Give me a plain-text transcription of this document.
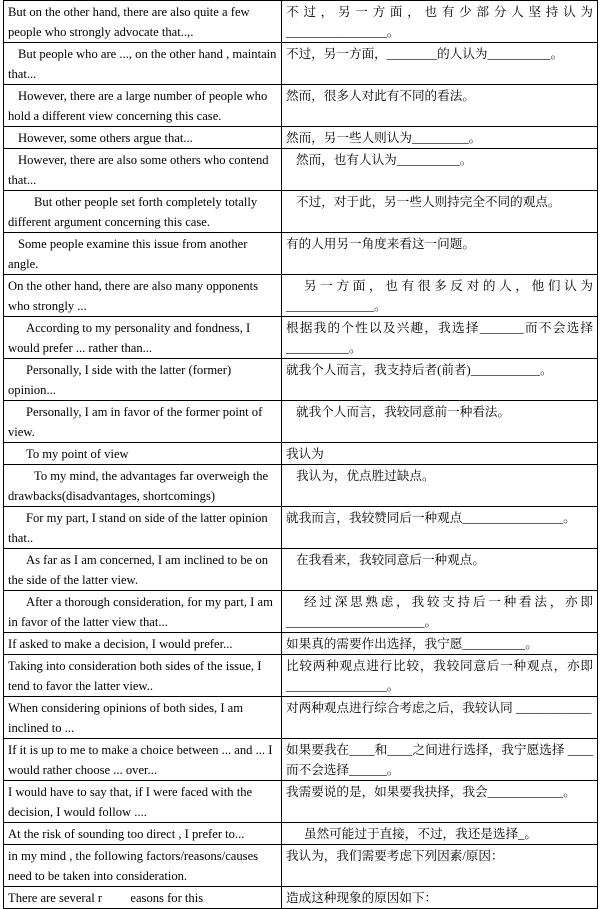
But on the other hand, there are also quite a few people who strongly advocate that..,.	不过，另一方面，也有少部分人坚持认为 ________________。
But people who are ..., on the other hand , maintain that...	不过，另一方面，________的人认为__________。
However, there are a large number of people who hold a different view concerning this case.	然而，很多人对此有不同的看法。
However, some others argue that...	然而，另一些人则认为_________。
However, there are also some others who contend that...	然而，也有人认为__________。
But other people set forth completely totally different argument concerning this case.	不过，对于此，另一些人则持完全不同的观点。
Some people examine this issue from another angle.	有的人用另一角度来看这一问题。
On the other hand, there are also many opponents who strongly ...	另一方面，也有很多反对的人，他们认为 ______________。
According to my personality and fondness, I would prefer ... rather than...	根据我的个性以及兴趣，我选择_______而不会选择 __________。
Personally, I side with the latter (former) opinion...	就我个人而言，我支持后者(前者)___________。
Personally, I am in favor of the former point of view.	就我个人而言，我较同意前一种看法。
To my point of view	我认为
To my mind, the advantages far overweigh the drawbacks(disadvantages, shortcomings)	我认为，优点胜过缺点。
For my part, I stand on side of the latter opinion that..	就我而言，我较赞同后一种观点________________。
As far as I am concerned, I am inclined to be on the side of the latter view.	在我看来，我较同意后一种观点。
After a thorough consideration, for my part, I am in favor of the latter view that...	经过深思熟虑，我较支持后一种看法，亦即 ______________________。
If asked to make a decision, I would prefer...	如果真的需要作出选择，我宁愿__________。
Taking into consideration both sides of the issue, I tend to favor the latter view..	比较两种观点进行比较，我较同意后一种观点，亦即 ________________。
When considering opinions of both sides, I am inclined to ...	对两种观点进行综合考虑之后，我较认同 ____________
If it is up to me to make a choice between ... and ... I would rather choose ... over...	如果要我在____和____之间进行选择，我宁愿选择 ____而不会选择______。
I would have to say that, if I were faced with the decision, I would follow ....	我需要说的是，如果要我抉择，我会____________。
At the risk of sounding too direct , I prefer to...	虽然可能过于直接，不过，我还是选择_。
in my mind , the following factors/reasons/causes need to be taken into consideration.	我认为，我们需要考虑下列因素/原因：
There are several r         easons for this	造成这种现象的原因如下：
